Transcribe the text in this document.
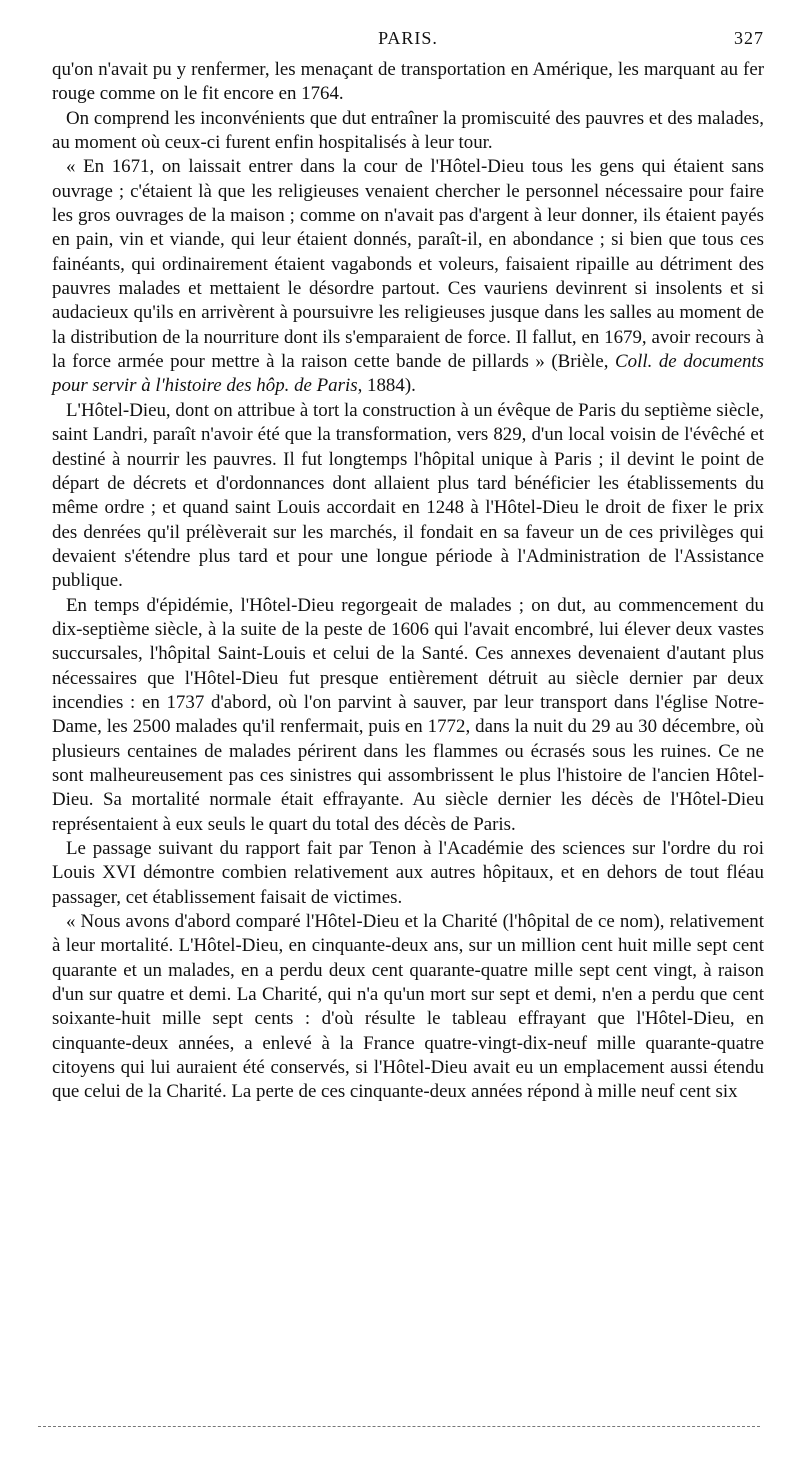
PARIS.	327

qu'on n'avait pu y renfermer, les menaçant de transportation en Amérique, les marquant au fer rouge comme on le fit encore en 1764.

On comprend les inconvénients que dut entraîner la promiscuité des pauvres et des malades, au moment où ceux-ci furent enfin hospitalisés à leur tour.

« En 1671, on laissait entrer dans la cour de l'Hôtel-Dieu tous les gens qui étaient sans ouvrage ; c'étaient là que les religieuses venaient chercher le personnel nécessaire pour faire les gros ouvrages de la maison ; comme on n'avait pas d'argent à leur donner, ils étaient payés en pain, vin et viande, qui leur étaient donnés, paraît-il, en abondance ; si bien que tous ces fainéants, qui ordinairement étaient vagabonds et voleurs, faisaient ripaille au détriment des pauvres malades et mettaient le désordre partout. Ces vauriens devinrent si insolents et si audacieux qu'ils en arrivèrent à poursuivre les religieuses jusque dans les salles au moment de la distribution de la nourriture dont ils s'emparaient de force. Il fallut, en 1679, avoir recours à la force armée pour mettre à la raison cette bande de pillards » (Brièle, Coll. de documents pour servir à l'histoire des hôp. de Paris, 1884).

L'Hôtel-Dieu, dont on attribue à tort la construction à un évêque de Paris du septième siècle, saint Landri, paraît n'avoir été que la transformation, vers 829, d'un local voisin de l'évêché et destiné à nourrir les pauvres. Il fut longtemps l'hôpital unique à Paris ; il devint le point de départ de décrets et d'ordonnances dont allaient plus tard bénéficier les établissements du même ordre ; et quand saint Louis accordait en 1248 à l'Hôtel-Dieu le droit de fixer le prix des denrées qu'il prélèverait sur les marchés, il fondait en sa faveur un de ces privilèges qui devaient s'étendre plus tard et pour une longue période à l'Administration de l'Assistance publique.

En temps d'épidémie, l'Hôtel-Dieu regorgeait de malades ; on dut, au commencement du dix-septième siècle, à la suite de la peste de 1606 qui l'avait encombré, lui élever deux vastes succursales, l'hôpital Saint-Louis et celui de la Santé. Ces annexes devenaient d'autant plus nécessaires que l'Hôtel-Dieu fut presque entièrement détruit au siècle dernier par deux incendies : en 1737 d'abord, où l'on parvint à sauver, par leur transport dans l'église Notre-Dame, les 2500 malades qu'il renfermait, puis en 1772, dans la nuit du 29 au 30 décembre, où plusieurs centaines de malades périrent dans les flammes ou écrasés sous les ruines. Ce ne sont malheureusement pas ces sinistres qui assombrissent le plus l'histoire de l'ancien Hôtel-Dieu. Sa mortalité normale était effrayante. Au siècle dernier les décès de l'Hôtel-Dieu représentaient à eux seuls le quart du total des décès de Paris.

Le passage suivant du rapport fait par Tenon à l'Académie des sciences sur l'ordre du roi Louis XVI démontre combien relativement aux autres hôpitaux, et en dehors de tout fléau passager, cet établissement faisait de victimes.

« Nous avons d'abord comparé l'Hôtel-Dieu et la Charité (l'hôpital de ce nom), relativement à leur mortalité. L'Hôtel-Dieu, en cinquante-deux ans, sur un million cent huit mille sept cent quarante et un malades, en a perdu deux cent quarante-quatre mille sept cent vingt, à raison d'un sur quatre et demi. La Charité, qui n'a qu'un mort sur sept et demi, n'en a perdu que cent soixante-huit mille sept cents : d'où résulte le tableau effrayant que l'Hôtel-Dieu, en cinquante-deux années, a enlevé à la France quatre-vingt-dix-neuf mille quarante-quatre citoyens qui lui auraient été conservés, si l'Hôtel-Dieu avait eu un emplacement aussi étendu que celui de la Charité. La perte de ces cinquante-deux années répond à mille neuf cent six
